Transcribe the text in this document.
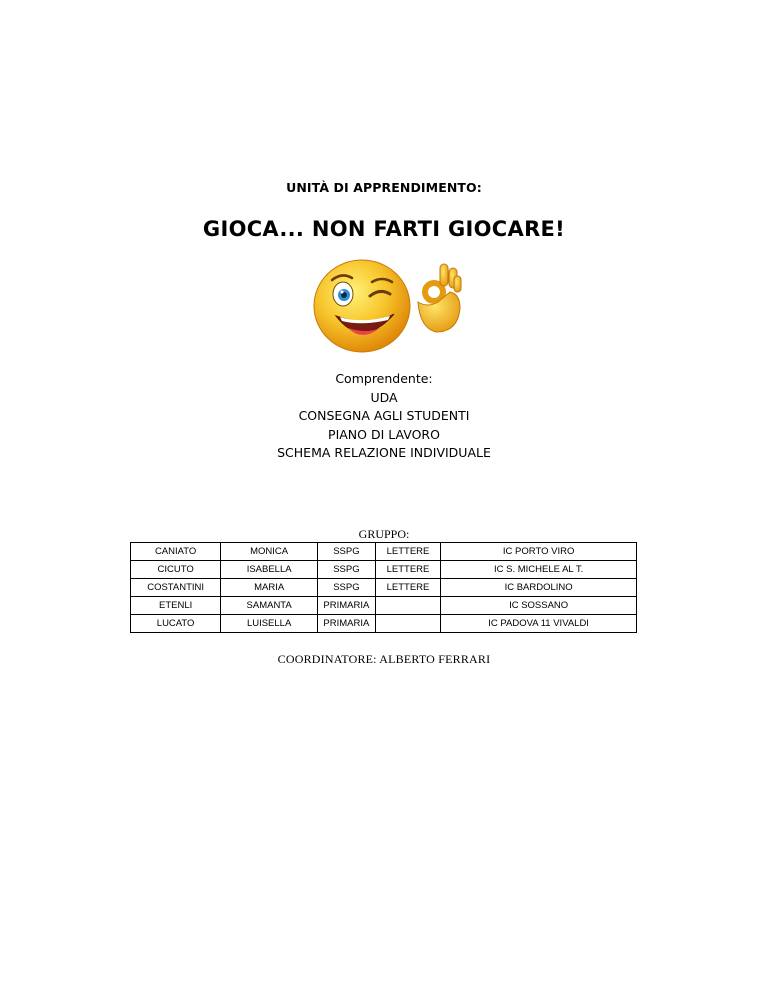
UNITÀ DI APPRENDIMENTO:
GIOCA... NON FARTI GIOCARE!
Comprendente:
UDA
CONSEGNA AGLI STUDENTI
PIANO DI LAVORO
SCHEMA RELAZIONE INDIVIDUALE
GRUPPO:
CANIATO	MONICA	SSPG	LETTERE	IC PORTO VIRO
CICUTO	ISABELLA	SSPG	LETTERE	IC S. MICHELE AL T.
COSTANTINI	MARIA	SSPG	LETTERE	IC BARDOLINO
ETENLI	SAMANTA	PRIMARIA		IC SOSSANO
LUCATO	LUISELLA	PRIMARIA		IC PADOVA 11 VIVALDI
COORDINATORE: ALBERTO FERRARI
